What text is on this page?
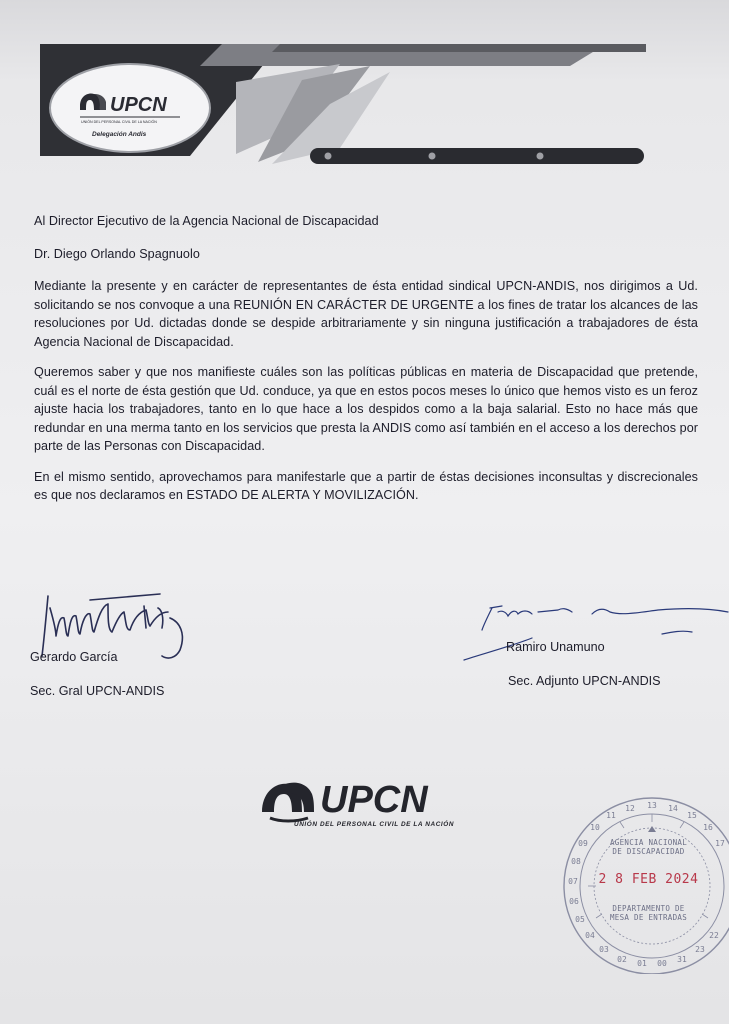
UPCN
UNIÓN DEL PERSONAL CIVIL DE LA NACIÓN
Delegación Andis

Al Director Ejecutivo de la Agencia Nacional de Discapacidad

Dr. Diego Orlando Spagnuolo

Mediante la presente y en carácter de representantes de ésta entidad sindical UPCN-ANDIS, nos dirigimos a Ud. solicitando se nos convoque a una REUNIÓN EN CARÁCTER DE URGENTE a los fines de tratar los alcances de las resoluciones por Ud. dictadas donde se despide arbitrariamente y sin ninguna justificación a trabajadores de ésta Agencia Nacional de Discapacidad.

Queremos saber y que nos manifieste cuáles son las políticas públicas en materia de Discapacidad que pretende, cuál es el norte de ésta gestión que Ud. conduce, ya que en estos pocos meses lo único que hemos visto es un feroz ajuste hacia los trabajadores, tanto en lo que hace a los despidos como a la baja salarial. Esto no hace más que redundar en una merma tanto en los servicios que presta la ANDIS como así también en el acceso a los derechos por parte de las Personas con Discapacidad.

En el mismo sentido, aprovechamos para manifestarle que a partir de éstas decisiones inconsultas y discrecionales es que nos declaramos en ESTADO DE ALERTA Y MOVILIZACIÓN.

Gerardo García
Sec. Gral UPCN-ANDIS
Ramiro Unamuno
Sec. Adjunto UPCN-ANDIS
UPCN
UNIÓN DEL PERSONAL CIVIL DE LA NACIÓN
13 14
15
16
17
12
11
10
09
08
07
06
05
04
03
02 01 00 31
23
22
AGENCIA NACIONAL
DE DISCAPACIDAD
2 8 FEB 2024
DEPARTAMENTO DE
MESA DE ENTRADAS
